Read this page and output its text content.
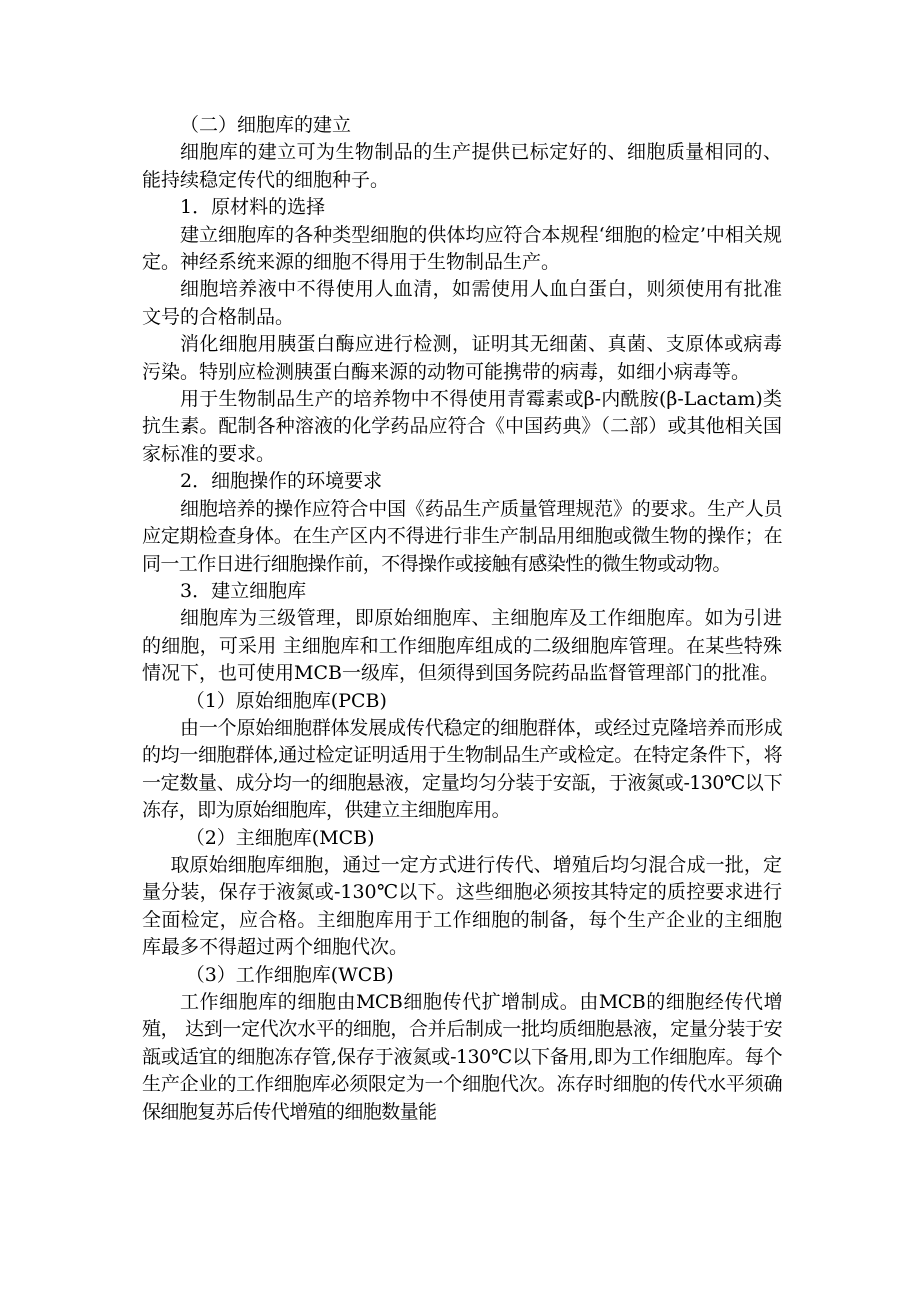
（二）细胞库的建立

细胞库的建立可为生物制品的生产提供已标定好的、细胞质量相同的、能持续稳定传代的细胞种子。

1．原材料的选择

建立细胞库的各种类型细胞的供体均应符合本规程‘细胞的检定’中相关规定。神经系统来源的细胞不得用于生物制品生产。

细胞培养液中不得使用人血清，如需使用人血白蛋白，则须使用有批准文号的合格制品。

消化细胞用胰蛋白酶应进行检测，证明其无细菌、真菌、支原体或病毒污染。特别应检测胰蛋白酶来源的动物可能携带的病毒，如细小病毒等。

用于生物制品生产的培养物中不得使用青霉素或β-内酰胺(β-Lactam)类抗生素。配制各种溶液的化学药品应符合《中国药典》（二部）或其他相关国家标准的要求。

2．细胞操作的环境要求

细胞培养的操作应符合中国《药品生产质量管理规范》的要求。生产人员应定期检查身体。在生产区内不得进行非生产制品用细胞或微生物的操作；在同一工作日进行细胞操作前，不得操作或接触有感染性的微生物或动物。

3．建立细胞库

细胞库为三级管理，即原始细胞库、主细胞库及工作细胞库。如为引进的细胞，可采用 主细胞库和工作细胞库组成的二级细胞库管理。在某些特殊情况下，也可使用MCB一级库，但须得到国务院药品监督管理部门的批准。

（1）原始细胞库(PCB)

由一个原始细胞群体发展成传代稳定的细胞群体，或经过克隆培养而形成的均一细胞群体,通过检定证明适用于生物制品生产或检定。在特定条件下，将一定数量、成分均一的细胞悬液，定量均匀分装于安瓿，于液氮或-130℃以下冻存，即为原始细胞库，供建立主细胞库用。

（2）主细胞库(MCB)

取原始细胞库细胞，通过一定方式进行传代、增殖后均匀混合成一批，定量分装，保存于液氮或-130℃以下。这些细胞必须按其特定的质控要求进行全面检定，应合格。主细胞库用于工作细胞的制备，每个生产企业的主细胞库最多不得超过两个细胞代次。

（3）工作细胞库(WCB)

工作细胞库的细胞由MCB细胞传代扩增制成。由MCB的细胞经传代增殖， 达到一定代次水平的细胞，合并后制成一批均质细胞悬液，定量分装于安瓿或适宜的细胞冻存管,保存于液氮或-130℃以下备用,即为工作细胞库。每个生产企业的工作细胞库必须限定为一个细胞代次。冻存时细胞的传代水平须确保细胞复苏后传代增殖的细胞数量能
